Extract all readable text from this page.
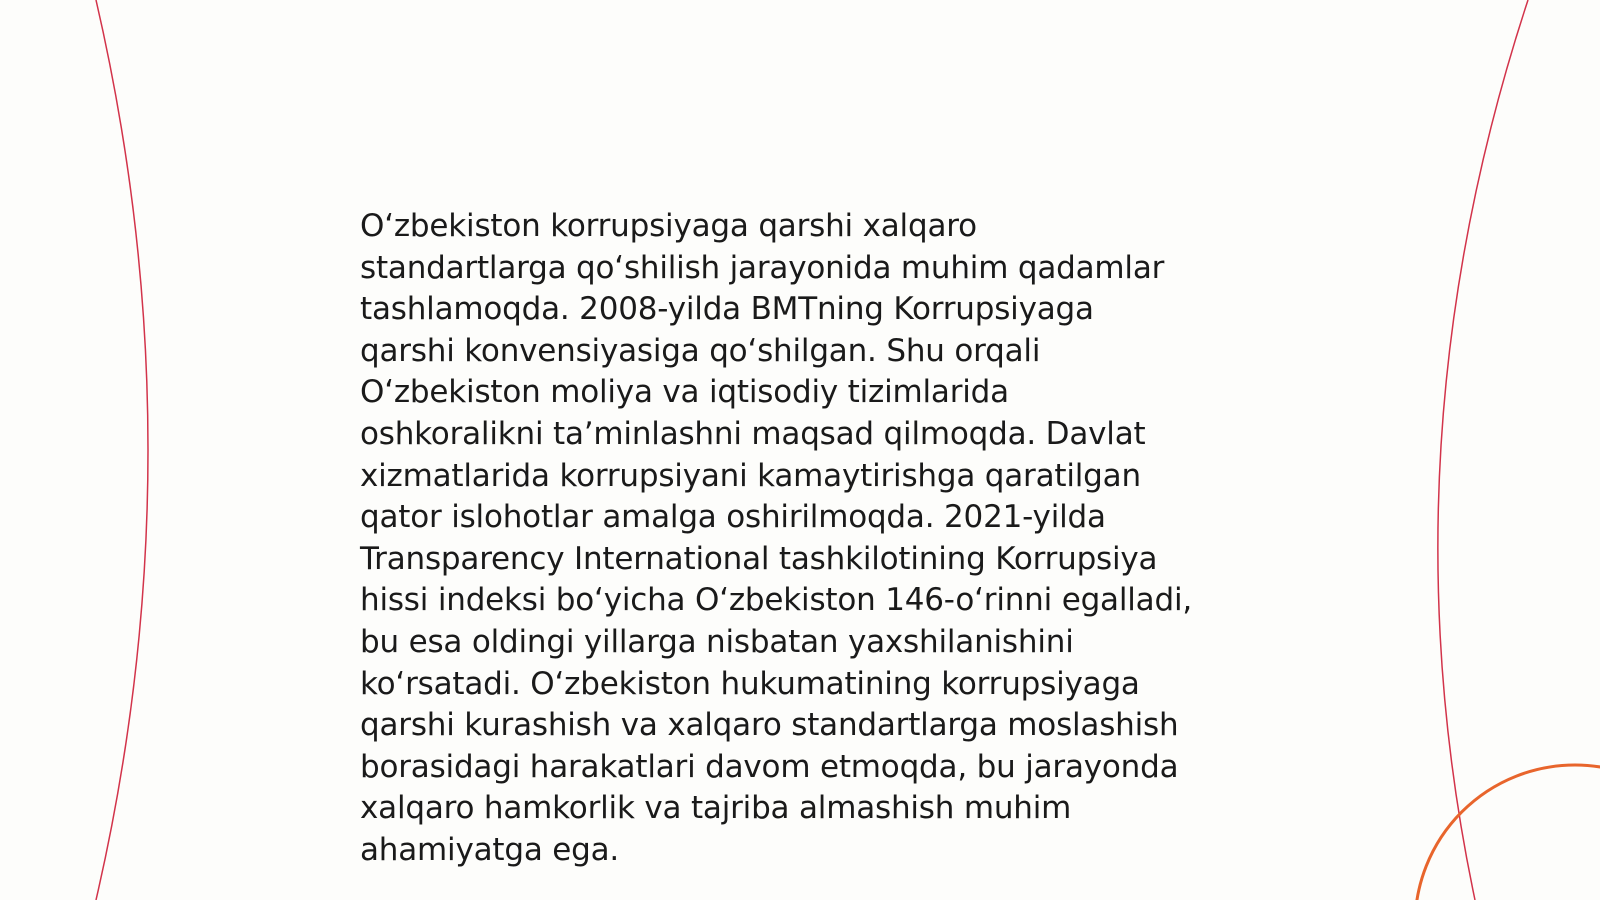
O‘zbekiston korrupsiyaga qarshi xalqaro
standartlarga qo‘shilish jarayonida muhim qadamlar
tashlamoqda. 2008-yilda BMTning Korrupsiyaga
qarshi konvensiyasiga qo‘shilgan. Shu orqali
O‘zbekiston moliya va iqtisodiy tizimlarida
oshkoralikni ta’minlashni maqsad qilmoqda. Davlat
xizmatlarida korrupsiyani kamaytirishga qaratilgan
qator islohotlar amalga oshirilmoqda. 2021-yilda
Transparency International tashkilotining Korrupsiya
hissi indeksi bo‘yicha O‘zbekiston 146-o‘rinni egalladi,
bu esa oldingi yillarga nisbatan yaxshilanishini
ko‘rsatadi. O‘zbekiston hukumatining korrupsiyaga
qarshi kurashish va xalqaro standartlarga moslashish
borasidagi harakatlari davom etmoqda, bu jarayonda
xalqaro hamkorlik va tajriba almashish muhim
ahamiyatga ega.
